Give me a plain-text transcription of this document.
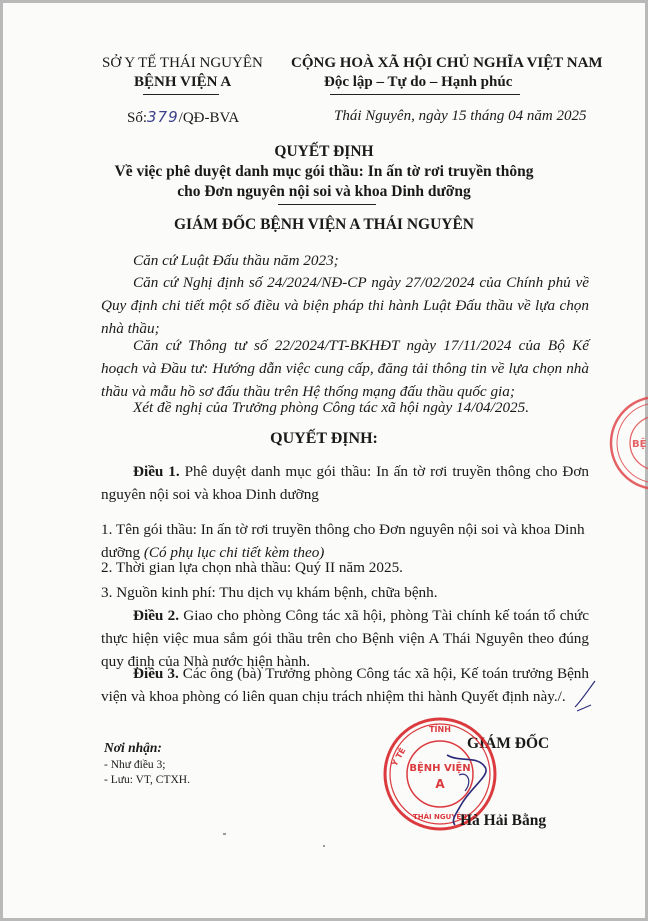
SỞ Y TẾ THÁI NGUYÊN
BỆNH VIỆN A
Số:379/QĐ-BVA
CỘNG HOÀ XÃ HỘI CHỦ NGHĨA VIỆT NAM
Độc lập – Tự do – Hạnh phúc
Thái Nguyên, ngày 15 tháng 04 năm 2025
QUYẾT ĐỊNH
Về việc phê duyệt danh mục gói thầu: In ấn tờ rơi truyền thông
cho Đơn nguyên nội soi và khoa Dinh dưỡng
GIÁM ĐỐC BỆNH VIỆN A THÁI NGUYÊN
Căn cứ Luật Đấu thầu năm 2023;
Căn cứ Nghị định số 24/2024/NĐ-CP ngày 27/02/2024 của Chính phủ về Quy định chi tiết một số điều và biện pháp thi hành Luật Đấu thầu về lựa chọn nhà thầu;
Căn cứ Thông tư số 22/2024/TT-BKHĐT ngày 17/11/2024 của Bộ Kế hoạch và Đầu tư: Hướng dẫn việc cung cấp, đăng tải thông tin về lựa chọn nhà thầu và mẫu hồ sơ đấu thầu trên Hệ thống mạng đấu thầu quốc gia;
Xét đề nghị của Trưởng phòng Công tác xã hội ngày 14/04/2025.
QUYẾT ĐỊNH:
Điều 1. Phê duyệt danh mục gói thầu: In ấn tờ rơi truyền thông cho Đơn nguyên nội soi và khoa Dinh dưỡng
1. Tên gói thầu: In ấn tờ rơi truyền thông cho Đơn nguyên nội soi và khoa Dinh dưỡng (Có phụ lục chi tiết kèm theo)
2. Thời gian lựa chọn nhà thầu: Quý II năm 2025.
3. Nguồn kinh phí: Thu dịch vụ khám bệnh, chữa bệnh.
Điều 2. Giao cho phòng Công tác xã hội, phòng Tài chính kế toán tổ chức thực hiện việc mua sắm gói thầu trên cho Bệnh viện A Thái Nguyên theo đúng quy định của Nhà nước hiện hành.
Điều 3. Các ông (bà) Trưởng phòng Công tác xã hội, Kế toán trưởng Bệnh viện và khoa phòng có liên quan chịu trách nhiệm thi hành Quyết định này./.
Nơi nhận:
- Như điều 3;
- Lưu: VT, CTXH.
GIÁM ĐỐC
TỈNH
Y TẾ
BỆNH VIỆN
A
THÁI NGUYÊN
Hà Hải Bằng
BỆ
